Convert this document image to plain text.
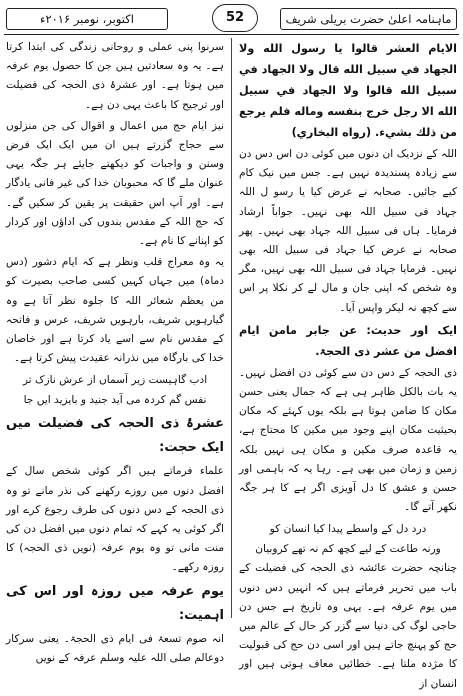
ماہنامہ اعلیٰ حضرت بریلی شریف
52
اکتوبر، نومبر ۲۰۱۶ء

الايام العشر قالوا يا رسول الله ولا الجهاد في سبيل الله قال ولا الجهاد في سبيل الله قالوا ولا الجهاد في سبيل الله الا رجل خرج بنفسه وماله فلم يرجع من ذلك بشيء. (رواه البخاري)

اللہ کے نزدیک ان دنوں میں کوئی دن اس دس دن سے زیادہ پسندیدہ نہیں ہے۔ جس میں نیک کام کیے جائیں۔ صحابہ نے عرض کیا یا رسو ل اللہ جہاد فی سبیل اللہ بھی نہیں۔ جواباً ارشاد فرمایا۔ ہاں فی سبیل اللہ جہاد بھی نہیں۔ پھر صحابہ نے عرض کیا جہاد فی سبیل اللہ بھی نہیں۔ فرمایا جہاد فی سبیل اللہ بھی نہیں، مگر وہ شخص کہ اپنی جان و مال لے کر نکلا پر اس سے کچھ نہ لیکر واپس آیا۔

ایک اور حدیث: عن جابر مامن ایام افضل من عشر ذی الحجۃ.

ذی الحجہ کے دس دن سے کوئی دن افضل نہیں۔ یہ بات بالکل ظاہر ہی ہے کہ جمال یعنی حسن مکان کا ضامن ہوتا ہے بلکہ یوں کہئے کہ مکان بحیثیت مکان اپنے وجود میں مکین کا محتاج ہے، یہ قاعدہ صرف مکین و مکان ہی نہیں بلکہ زمین و زمان میں بھی ہے۔ رہا یہ کہ باہمی اور حسن و عشق کا دل آویزی اگر ہے کا ہر جگہ نکھر آتے گا۔

درد دل کے واسطے پیدا کیا انسان کو

ورنہ طاعت کے لیے کچھ کم نہ تھے کروبیان

چنانچہ حضرت عائشہ ذی الحجہ کی فضیلت کے باب میں تحریر فرماتے ہیں کہ انہیں دس دنوں میں یوم عرفہ ہے۔ یہی وہ تاریخ ہے جس دن حاجی لوگ کی دنیا سے گزر کر حال کے عالم میں حج کو پہنچ جاتے ہیں اور اسی دن حج کی قبولیت کا مژدہ ملتا ہے۔ خطائیں معاف ہوتی ہیں اور انسان از

سرنوا پنی عملی و روحانی زندگی کی ابتدا کرتا ہے۔ یہ وہ سعادتیں ہیں جن کا حصول یوم عرفہ میں ہوتا ہے۔ اور عشرۂ ذی الحجہ کی فضیلت اور ترجیح کا باعث یہی دن ہے۔

نیز ایام حج میں اعمال و اقوال کی جن منزلوں سے حجاج گزرتے ہیں ان میں ایک ایک فرض وسنن و واجبات کو دیکھتے جایئے ہر جگہ یہی عنوان ملے گا کہ محبوبان خدا کی غیر فانی یادگار ہے۔ اور آپ اس حقیقت پر یقین کر سکیں گے۔ کہ حج اللہ کے مقدس بندوں کی اداؤں اور کردار کو اپنانے کا نام ہے۔

یہ وہ معراج قلب ونظر ہے کہ ایام دشور (دس دماہ) میں جہاں کہیں کسی صاحب بصیرت کو من یعظم شعائر اللہ کا جلوہ نظر آتا ہے وہ گیارہویں شریف، بارہویں شریف، عرس و فاتحہ کے مقدس نام سے اسے یاد کرتا ہے اور خاصان خدا کی بارگاہ میں نذرانہ عقیدت پیش کرتا ہے۔

ادب گاہیست زیر آسماں از عرش نازک تر

نفس گم کردہ می آید جنید و بایزید ایں جا

عشرۂ ذی الحجہ کی فضیلت میں ایک حجت:

علماء فرماتے ہیں اگر کوئی شخص سال کے افضل دنوں میں روزے رکھنے کی نذر مانے تو وہ ذی الحجہ کے دس دنوں کی طرف رجوع کرے اور اگر کوئی یہ کہے کہ تمام دنوں میں افضل دن کی منت مانی تو وہ یوم عرفہ (نویں ذی الحجہ) کا روزہ رکھے۔

یوم عرفہ میں روزہ اور اس کی اہمیت:

انہ صوم تسعۃ فی ایام ذی الحجۃ۔ یعنی سرکار دوعالم صلی اللہ علیہ وسلم عرفہ کے نویں
